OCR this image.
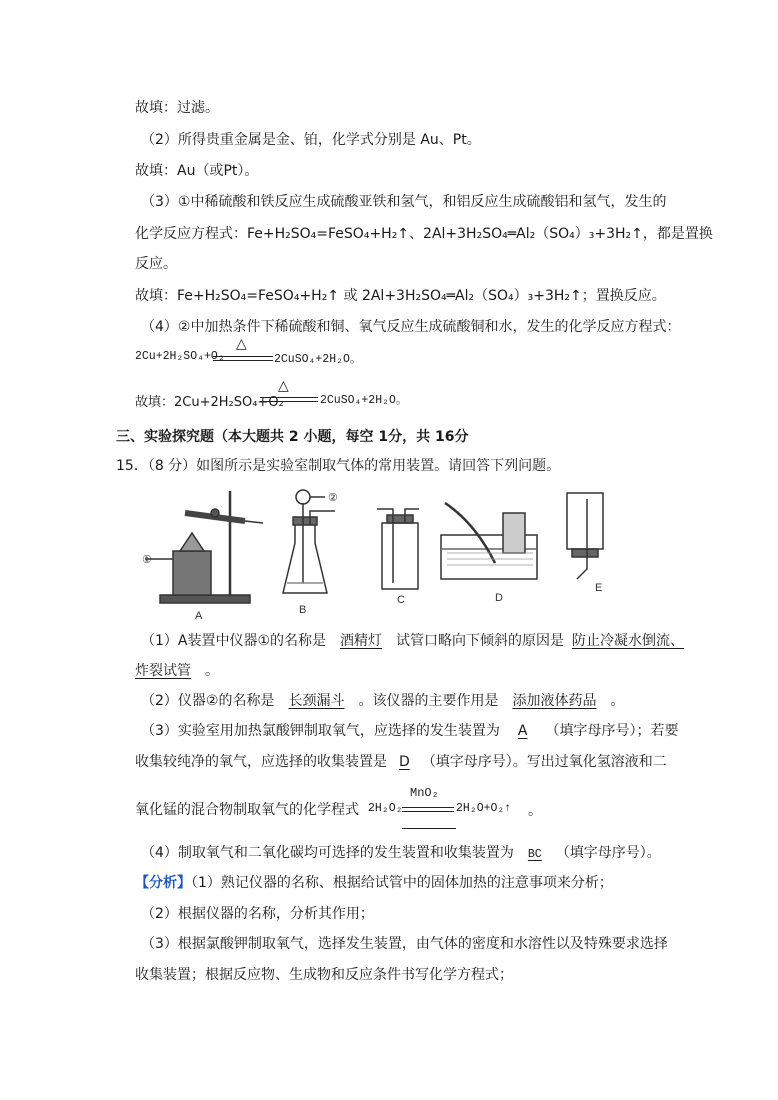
故填：过滤。
（2）所得贵重金属是金、铂，化学式分别是 Au、Pt。
故填：Au（或Pt）。
（3）①中稀硫酸和铁反应生成硫酸亚铁和氢气，和铝反应生成硫酸铝和氢气，发生的
化学反应方程式：Fe+H₂SO₄=FeSO₄+H₂↑、2Al+3H₂SO₄═Al₂（SO₄）₃+3H₂↑，都是置换
反应。
故填：Fe+H₂SO₄=FeSO₄+H₂↑ 或 2Al+3H₂SO₄═Al₂（SO₄）₃+3H₂↑；置换反应。
（4）②中加热条件下稀硫酸和铜、氧气反应生成硫酸铜和水，发生的化学反应方程式：
2Cu+2H₂SO₄+O₂
△
2CuSO₄+2H₂O。
故填：2Cu+2H₂SO₄+O₂
△
2CuSO₄+2H₂O。
三、实验探究题（本大题共 2 小题，每空 1分，共 16分
15．（8 分）如图所示是实验室制取气体的常用装置。请回答下列问题。
①
A
②
B
C	D
E
（1）A装置中仪器①的名称是 酒精灯 试管口略向下倾斜的原因是 防止冷凝水倒流、
炸裂试管 。
（2）仪器②的名称是 长颈漏斗 。该仪器的主要作用是 添加液体药品 。
（3）实验室用加热氯酸钾制取氧气，应选择的发生装置为 A （填字母序号）；若要
收集较纯净的氧气，应选择的收集装置是 D （填字母序号）。写出过氧化氢溶液和二
氧化锰的混合物制取氧气的化学程式 2H₂O₂
MnO₂
2H₂O+O₂↑ 。
（4）制取氧气和二氧化碳均可选择的发生装置和收集装置为 BC （填字母序号）。
【分析】（1）熟记仪器的名称、根据给试管中的固体加热的注意事项来分析；
（2）根据仪器的名称，分析其作用；
（3）根据氯酸钾制取氧气，选择发生装置，由气体的密度和水溶性以及特殊要求选择
收集装置；根据反应物、生成物和反应条件书写化学方程式；
